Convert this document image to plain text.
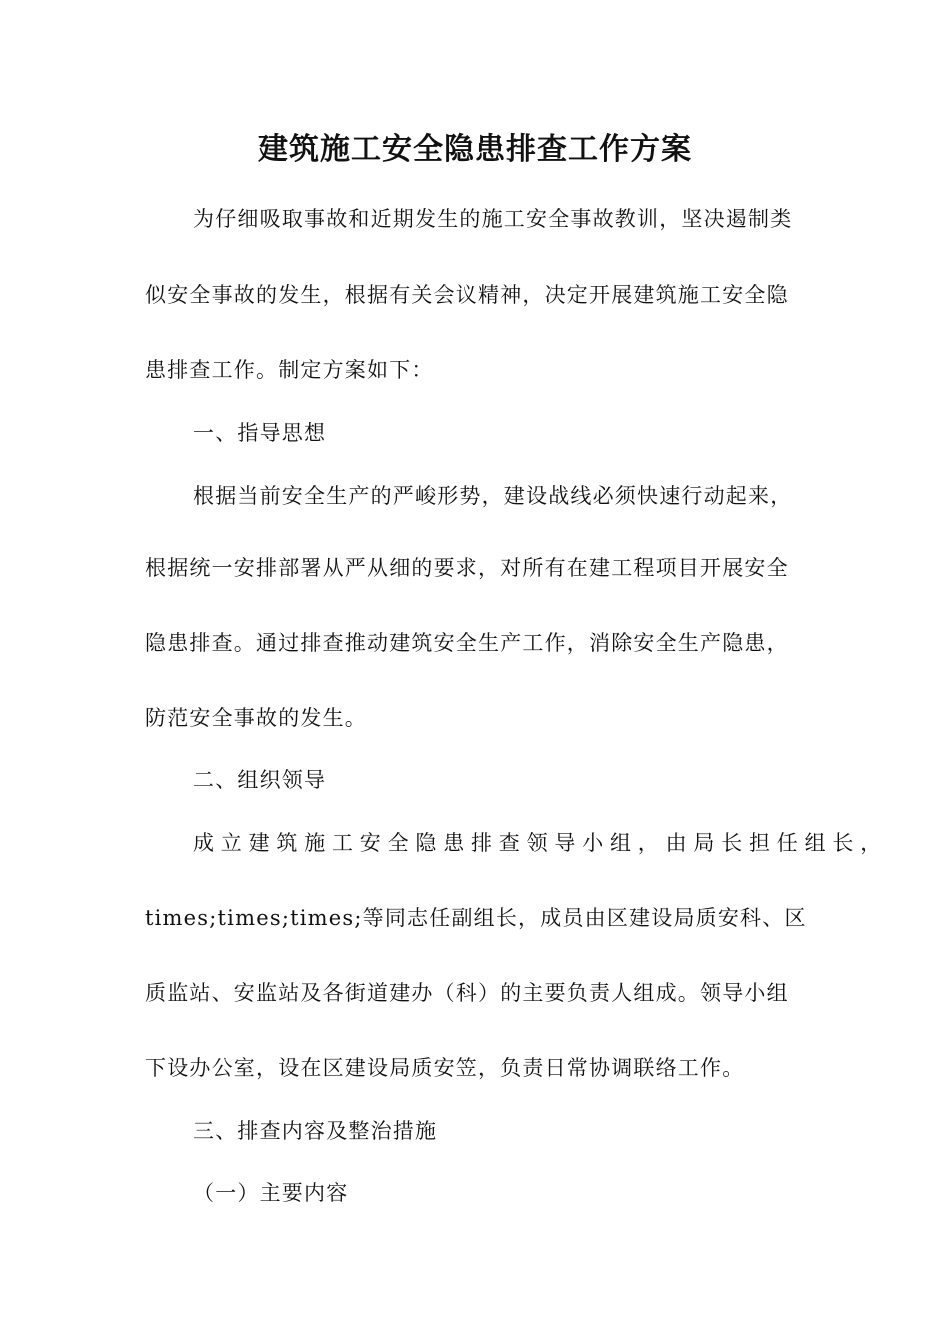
建筑施工安全隐患排查工作方案
为仔细吸取事故和近期发生的施工安全事故教训，坚决遏制类
似安全事故的发生，根据有关会议精神，决定开展建筑施工安全隐
患排查工作。制定方案如下：
一、指导思想
根据当前安全生产的严峻形势，建设战线必须快速行动起来，
根据统一安排部署从严从细的要求，对所有在建工程项目开展安全
隐患排查。通过排查推动建筑安全生产工作，消除安全生产隐患，
防范安全事故的发生。
二、组织领导
成立建筑施工安全隐患排查领导小组，由局长担任组长，
times;times;times;等同志任副组长，成员由区建设局质安科、区
质监站、安监站及各街道建办（科）的主要负责人组成。领导小组
下设办公室，设在区建设局质安笠，负责日常协调联络工作。
三、排查内容及整治措施
（一）主要内容
